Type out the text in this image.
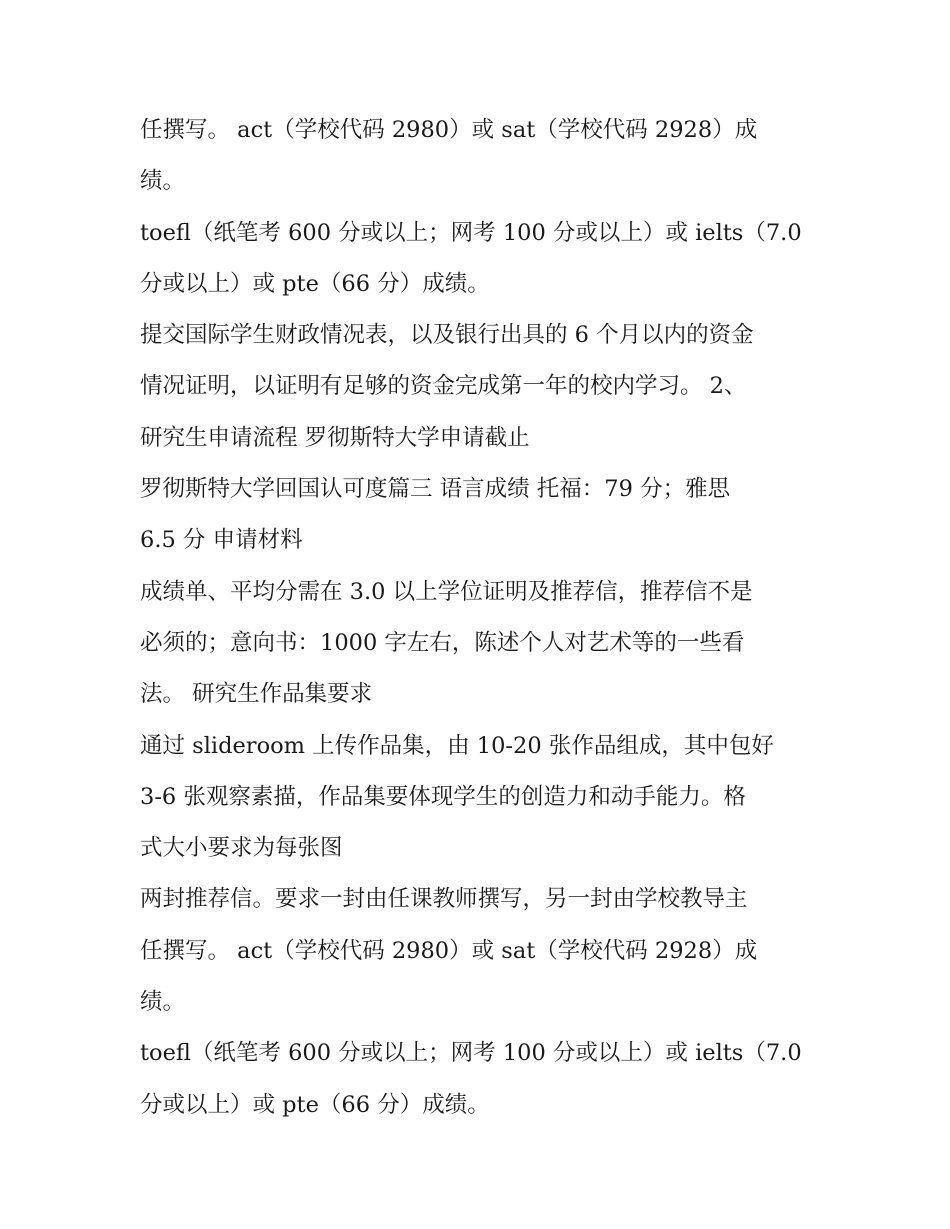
任撰写。 act（学校代码 2980）或 sat（学校代码 2928）成

绩。

toefl（纸笔考 600 分或以上；网考 100 分或以上）或 ielts（7.0

分或以上）或 pte（66 分）成绩。

提交国际学生财政情况表，以及银行出具的 6 个月以内的资金

情况证明，以证明有足够的资金完成第一年的校内学习。 2、

研究生申请流程 罗彻斯特大学申请截止

罗彻斯特大学回国认可度篇三 语言成绩 托福：79 分；雅思

6.5 分 申请材料

成绩单、平均分需在 3.0 以上学位证明及推荐信，推荐信不是

必须的；意向书：1000 字左右，陈述个人对艺术等的一些看

法。 研究生作品集要求

通过 slideroom 上传作品集，由 10-20 张作品组成，其中包好

3-6 张观察素描，作品集要体现学生的创造力和动手能力。格

式大小要求为每张图

两封推荐信。要求一封由任课教师撰写，另一封由学校教导主

任撰写。 act（学校代码 2980）或 sat（学校代码 2928）成

绩。

toefl（纸笔考 600 分或以上；网考 100 分或以上）或 ielts（7.0

分或以上）或 pte（66 分）成绩。
